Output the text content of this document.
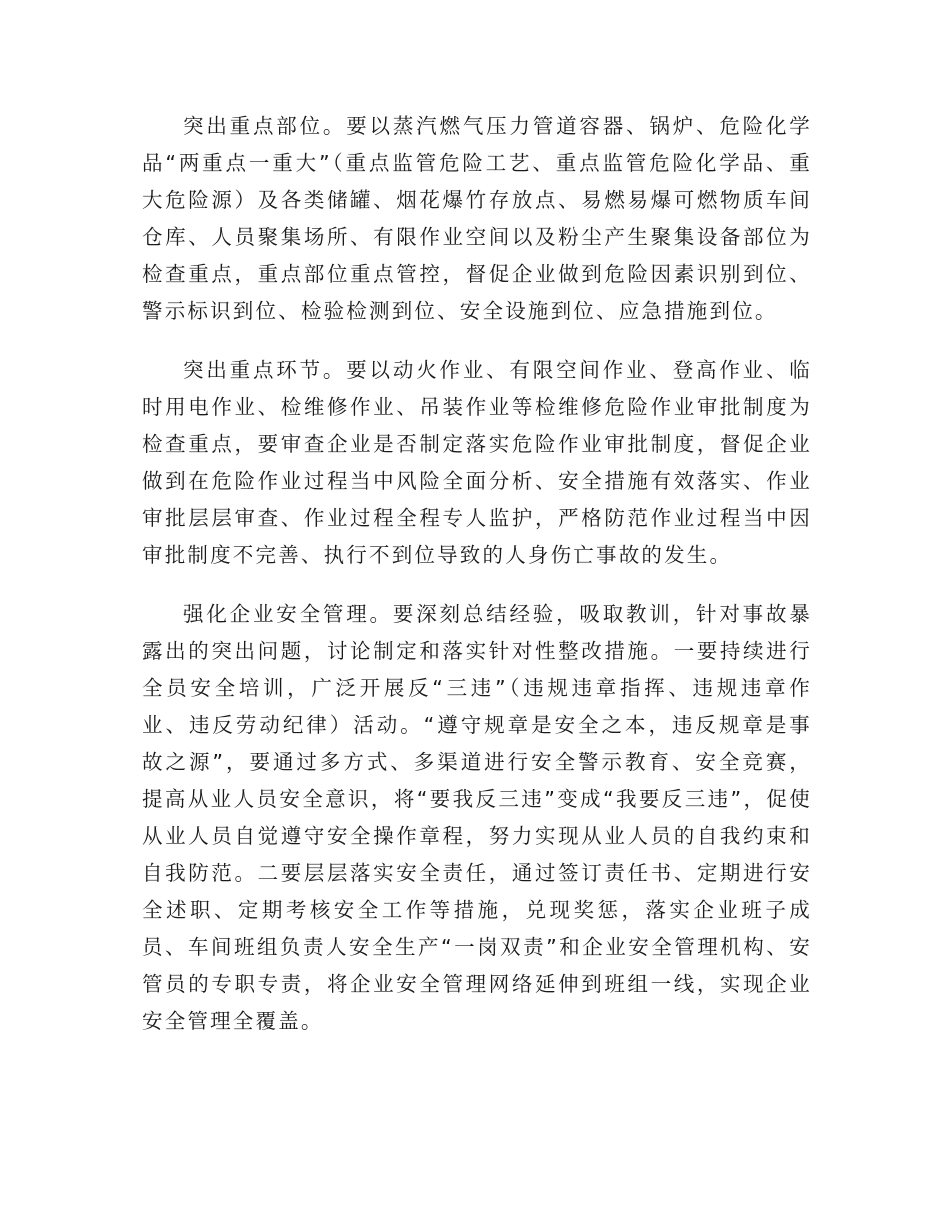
突出重点部位。要以蒸汽燃气压力管道容器、锅炉、危险化学品“两重点一重大”（重点监管危险工艺、重点监管危险化学品、重大危险源）及各类储罐、烟花爆竹存放点、易燃易爆可燃物质车间仓库、人员聚集场所、有限作业空间以及粉尘产生聚集设备部位为检查重点，重点部位重点管控，督促企业做到危险因素识别到位、警示标识到位、检验检测到位、安全设施到位、应急措施到位。

突出重点环节。要以动火作业、有限空间作业、登高作业、临时用电作业、检维修作业、吊装作业等检维修危险作业审批制度为检查重点，要审查企业是否制定落实危险作业审批制度，督促企业做到在危险作业过程当中风险全面分析、安全措施有效落实、作业审批层层审查、作业过程全程专人监护，严格防范作业过程当中因审批制度不完善、执行不到位导致的人身伤亡事故的发生。

强化企业安全管理。要深刻总结经验，吸取教训，针对事故暴露出的突出问题，讨论制定和落实针对性整改措施。一要持续进行全员安全培训，广泛开展反“三违”（违规违章指挥、违规违章作业、违反劳动纪律）活动。“遵守规章是安全之本，违反规章是事故之源”，要通过多方式、多渠道进行安全警示教育、安全竞赛，提高从业人员安全意识，将“要我反三违”变成“我要反三违”，促使从业人员自觉遵守安全操作章程，努力实现从业人员的自我约束和自我防范。二要层层落实安全责任，通过签订责任书、定期进行安全述职、定期考核安全工作等措施，兑现奖惩，落实企业班子成员、车间班组负责人安全生产“一岗双责”和企业安全管理机构、安管员的专职专责，将企业安全管理网络延伸到班组一线，实现企业安全管理全覆盖。
